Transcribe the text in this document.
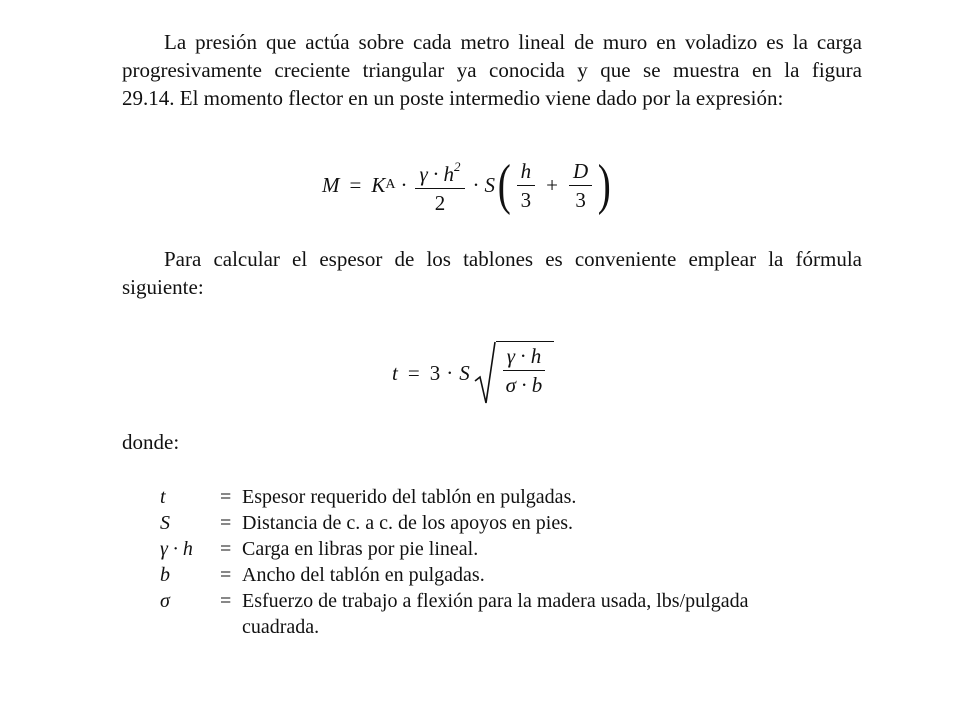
La presión que actúa sobre cada metro lineal de muro en voladizo es la carga
progresivamente creciente triangular ya conocida y que se muestra en la figura
29.14. El momento flector en un poste intermedio viene dado por la expresión:

M = K $A \cdot \frac{\gamma \cdot h^2}{2} \cdot S$ ( $\frac{h}{3} + \frac{D}{3}$ )

Para calcular el espesor de los tablones es conveniente emplear la fórmula
siguiente:

t = 3 · S $\frac{\gamma \cdot h}{\sigma \cdot b}$

donde:

t	= Espesor requerido del tablón en pulgadas.
S	= Distancia de c. a c. de los apoyos en pies.
γ · h	= Carga en libras por pie lineal.
b	= Ancho del tablón en pulgadas.
σ	= Esfuerzo de trabajo a flexión para la madera usada, lbs/pulgada
cuadrada.
